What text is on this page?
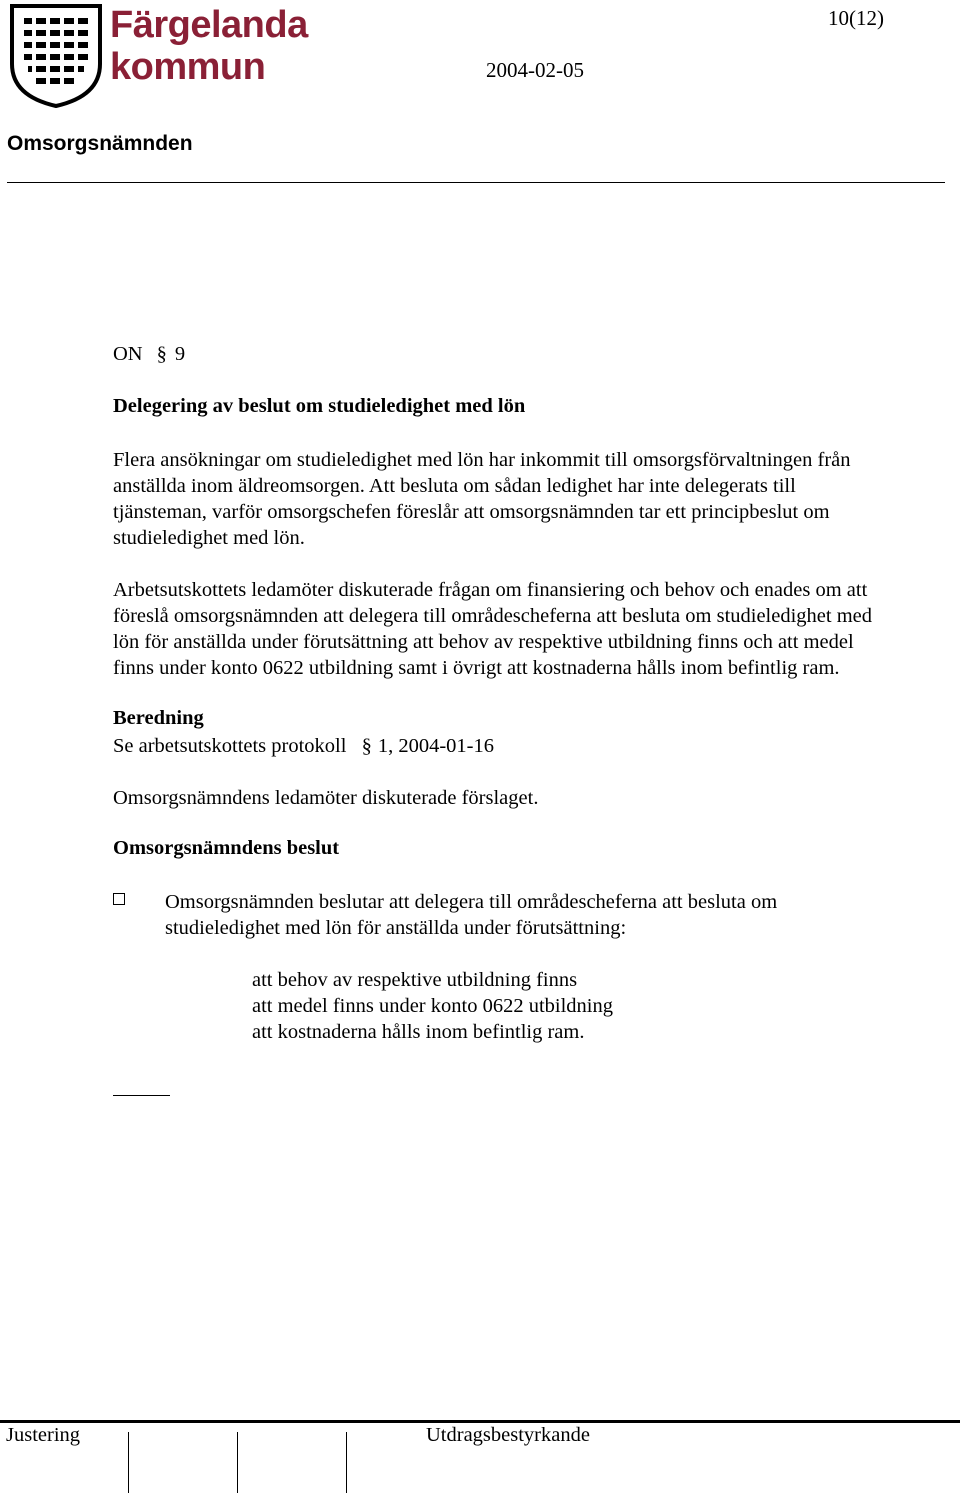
Färgelanda
kommun
10(12)
2004-02-05
Omsorgsnämnden
ON § 9
Delegering av beslut om studieledighet med lön
Flera ansökningar om studieledighet med lön har inkommit till omsorgsförvaltningen från
anställda inom äldreomsorgen. Att besluta om sådan ledighet har inte delegerats till
tjänsteman, varför omsorgschefen föreslår att omsorgsnämnden tar ett principbeslut om
studieledighet med lön.
Arbetsutskottets ledamöter diskuterade frågan om finansiering och behov och enades om att
föreslå omsorgsnämnden att delegera till områdescheferna att besluta om studieledighet med
lön för anställda under förutsättning att behov av respektive utbildning finns och att medel
finns under konto 0622 utbildning samt i övrigt att kostnaderna hålls inom befintlig ram.
Beredning
Se arbetsutskottets protokoll § 1, 2004-01-16
Omsorgsnämndens ledamöter diskuterade förslaget.
Omsorgsnämndens beslut
Omsorgsnämnden beslutar att delegera till områdescheferna att besluta om
studieledighet med lön för anställda under förutsättning:
att behov av respektive utbildning finns
att medel finns under konto 0622 utbildning
att kostnaderna hålls inom befintlig ram.
Justering	Utdragsbestyrkande
